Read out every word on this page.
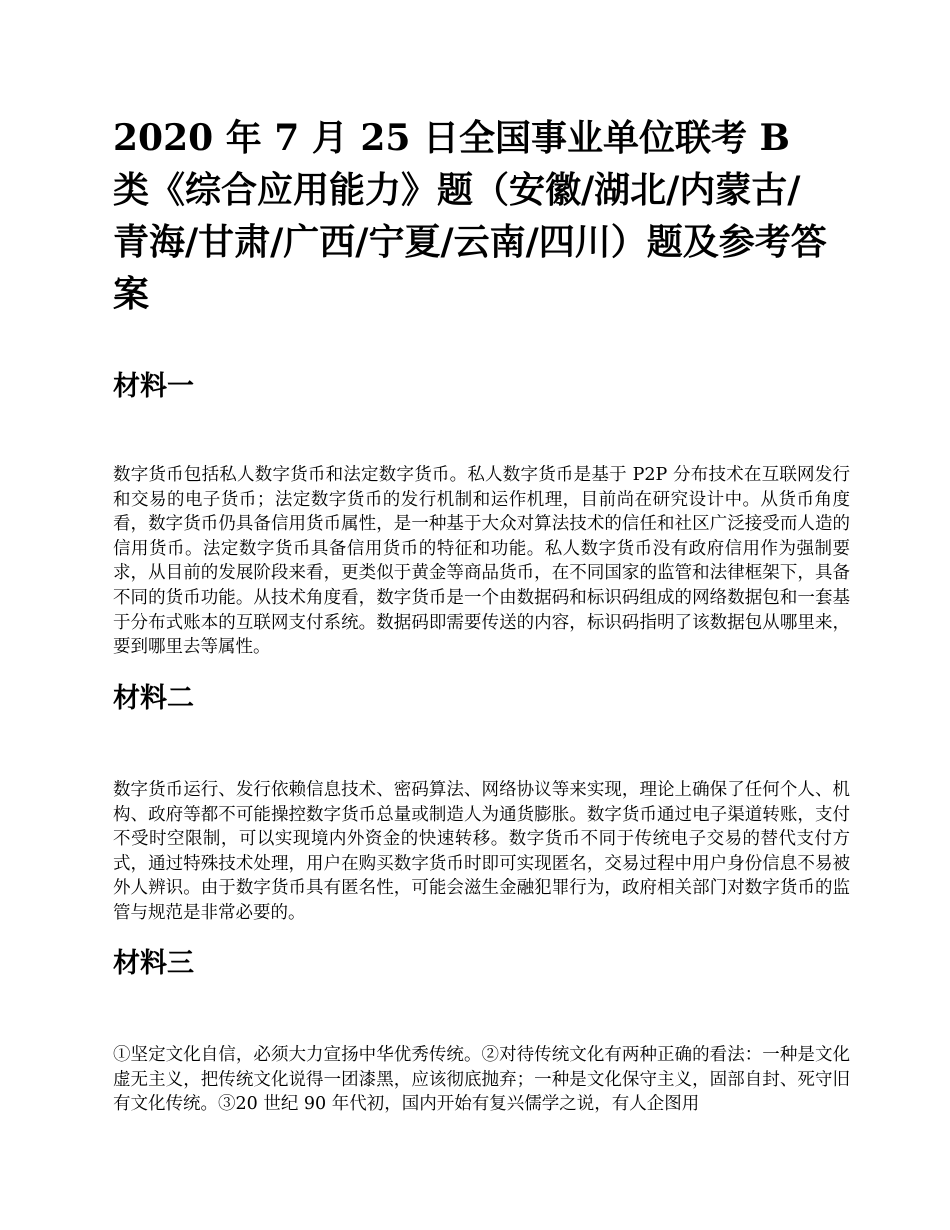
2020 年 7 月 25 日全国事业单位联考 B 类《综合应用能力》题（安徽/湖北/内蒙古/青海/甘肃/广西/宁夏/云南/四川）题及参考答案
材料一

数字货币包括私人数字货币和法定数字货币。私人数字货币是基于 P2P 分布技术在互联网发行和交易的电子货币；法定数字货币的发行机制和运作机理，目前尚在研究设计中。从货币角度看，数字货币仍具备信用货币属性，是一种基于大众对算法技术的信任和社区广泛接受而人造的信用货币。法定数字货币具备信用货币的特征和功能。私人数字货币没有政府信用作为强制要求，从目前的发展阶段来看，更类似于黄金等商品货币，在不同国家的监管和法律框架下，具备不同的货币功能。从技术角度看，数字货币是一个由数据码和标识码组成的网络数据包和一套基于分布式账本的互联网支付系统。数据码即需要传送的内容，标识码指明了该数据包从哪里来，要到哪里去等属性。

材料二

数字货币运行、发行依赖信息技术、密码算法、网络协议等来实现，理论上确保了任何个人、机构、政府等都不可能操控数字货币总量或制造人为通货膨胀。数字货币通过电子渠道转账，支付不受时空限制，可以实现境内外资金的快速转移。数字货币不同于传统电子交易的替代支付方式，通过特殊技术处理，用户在购买数字货币时即可实现匿名，交易过程中用户身份信息不易被外人辨识。由于数字货币具有匿名性，可能会滋生金融犯罪行为，政府相关部门对数字货币的监管与规范是非常必要的。

材料三

①坚定文化自信，必须大力宣扬中华优秀传统。②对待传统文化有两种正确的看法：一种是文化虚无主义，把传统文化说得一团漆黑，应该彻底抛弃；一种是文化保守主义，固部自封、死守旧有文化传统。③20 世纪 90 年代初，国内开始有复兴儒学之说，有人企图用
